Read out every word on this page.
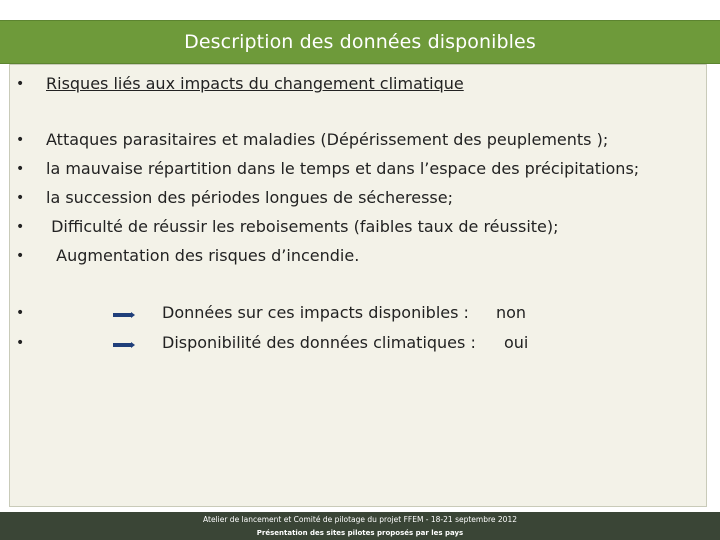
Description des données disponibles
• Risques liés aux impacts du changement climatique
• Attaques parasitaires et maladies (Dépérissement des peuplements );
• la mauvaise répartition dans le temps et dans l’espace des précipitations;
• la succession des périodes longues de sécheresse;
• Difficulté de réussir les reboisements (faibles taux de réussite);
• Augmentation des risques d’incendie.
•	Données sur ces impacts disponibles : non
•	Disponibilité des données climatiques : oui
Atelier de lancement et Comité de pilotage du projet FFEM - 18-21 septembre 2012
Présentation des sites pilotes proposés par les pays
